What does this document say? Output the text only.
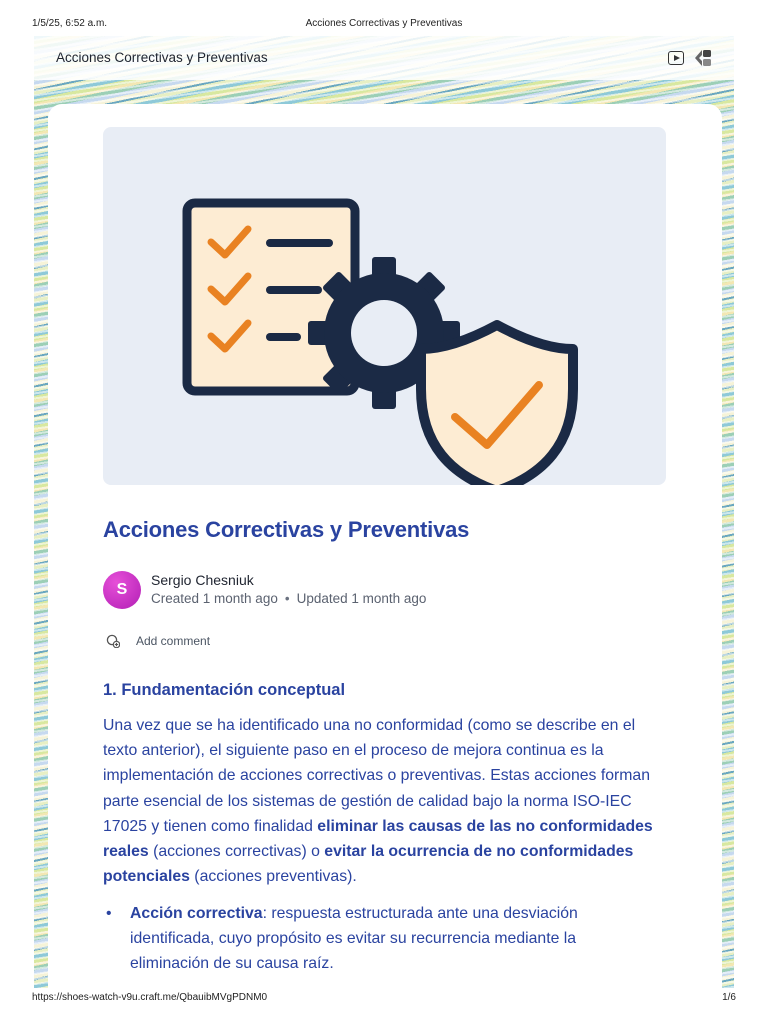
1/5/25, 6:52 a.m.	Acciones Correctivas y Preventivas
Acciones Correctivas y Preventivas
Acciones Correctivas y Preventivas
S
Sergio Chesniuk
Created 1 month ago • Updated 1 month ago
Add comment
1. Fundamentación conceptual
Una vez que se ha identificado una no conformidad (como se describe en el texto anterior), el siguiente paso en el proceso de mejora continua es la implementación de acciones correctivas o preventivas. Estas acciones forman parte esencial de los sistemas de gestión de calidad bajo la norma ISO-IEC 17025 y tienen como finalidad eliminar las causas de las no conformidades reales (acciones correctivas) o evitar la ocurrencia de no conformidades potenciales (acciones preventivas).
• Acción correctiva: respuesta estructurada ante una desviación identificada, cuyo propósito es evitar su recurrencia mediante la eliminación de su causa raíz.
https://shoes-watch-v9u.craft.me/QbauibMVgPDNM0	1/6
